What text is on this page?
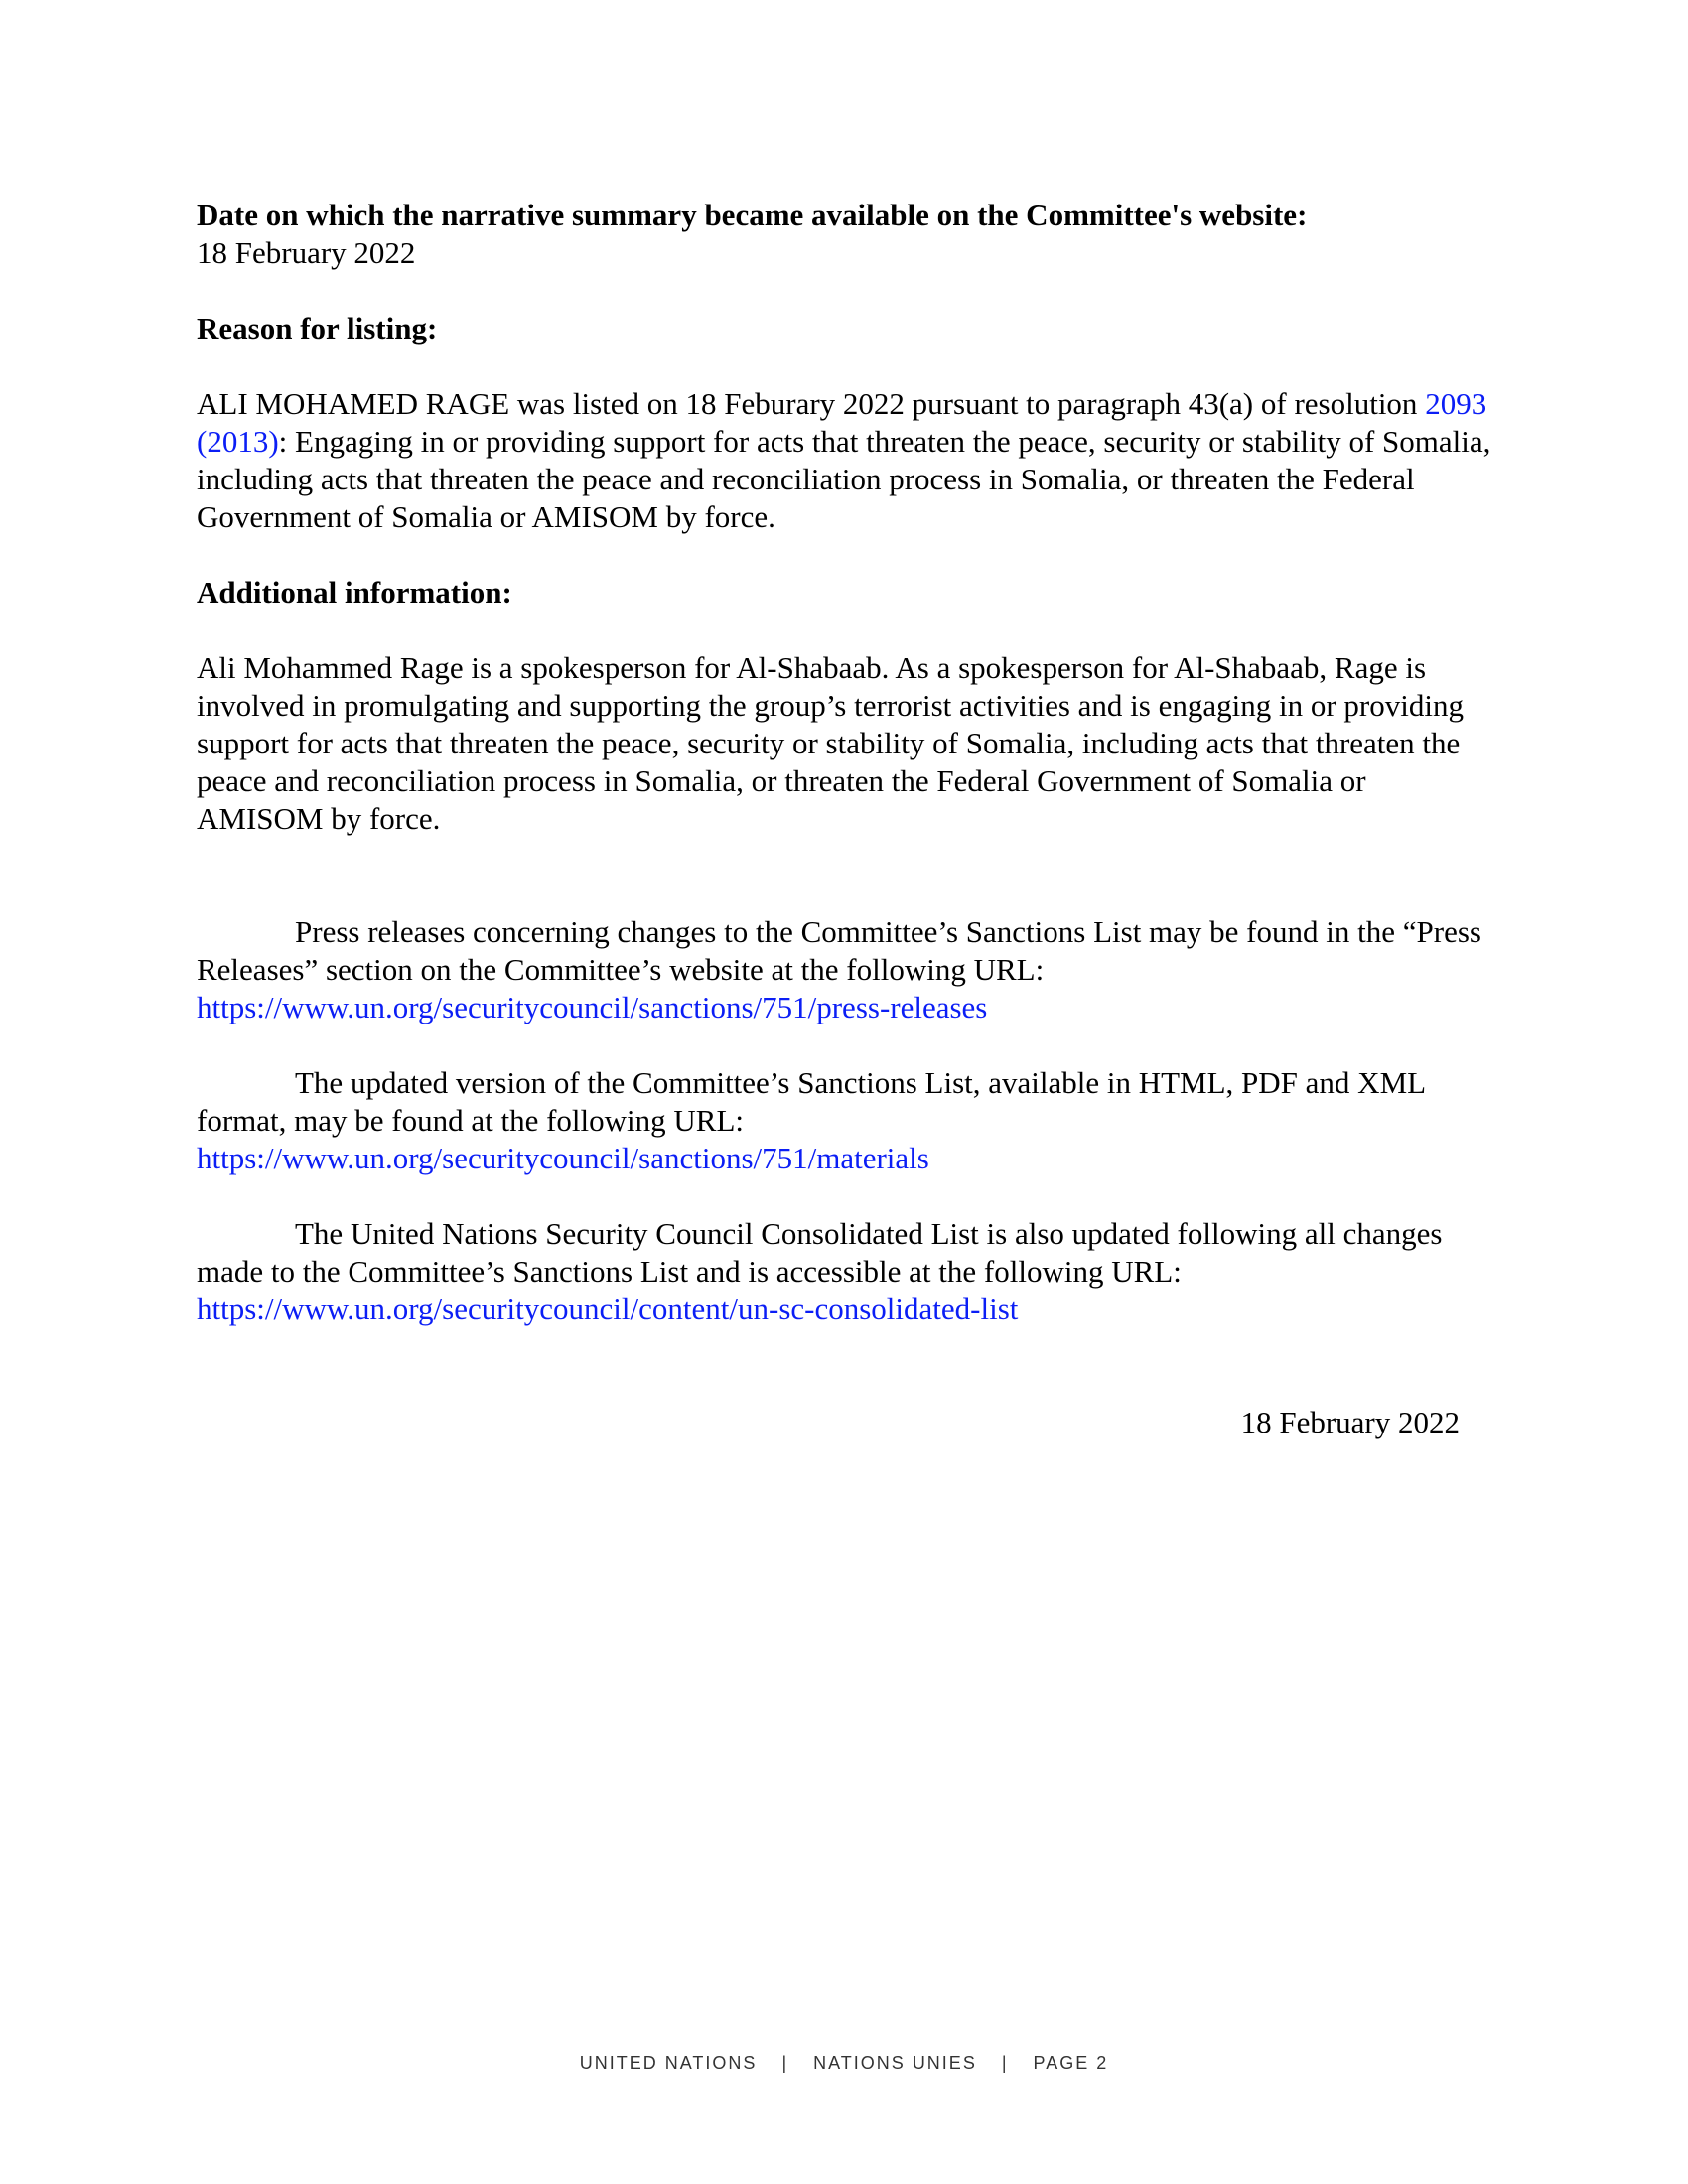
Date on which the narrative summary became available on the Committee's website:

18 February 2022

Reason for listing:

ALI MOHAMED RAGE was listed on 18 Feburary 2022 pursuant to paragraph 43(a) of resolution 2093 (2013): Engaging in or providing support for acts that threaten the peace, security or stability of Somalia, including acts that threaten the peace and reconciliation process in Somalia, or threaten the Federal Government of Somalia or AMISOM by force.

Additional information:

Ali Mohammed Rage is a spokesperson for Al-Shabaab. As a spokesperson for Al-Shabaab, Rage is involved in promulgating and supporting the group’s terrorist activities and is engaging in or providing support for acts that threaten the peace, security or stability of Somalia, including acts that threaten the peace and reconciliation process in Somalia, or threaten the Federal Government of Somalia or AMISOM by force.

Press releases concerning changes to the Committee’s Sanctions List may be found in the “Press Releases” section on the Committee’s website at the following URL:

https://www.un.org/securitycouncil/sanctions/751/press-releases

The updated version of the Committee’s Sanctions List, available in HTML, PDF and XML format, may be found at the following URL:

https://www.un.org/securitycouncil/sanctions/751/materials

The United Nations Security Council Consolidated List is also updated following all changes made to the Committee’s Sanctions List and is accessible at the following URL:

https://www.un.org/securitycouncil/content/un-sc-consolidated-list

18 February 2022

UNITED NATIONS | NATIONS UNIES | PAGE 2
